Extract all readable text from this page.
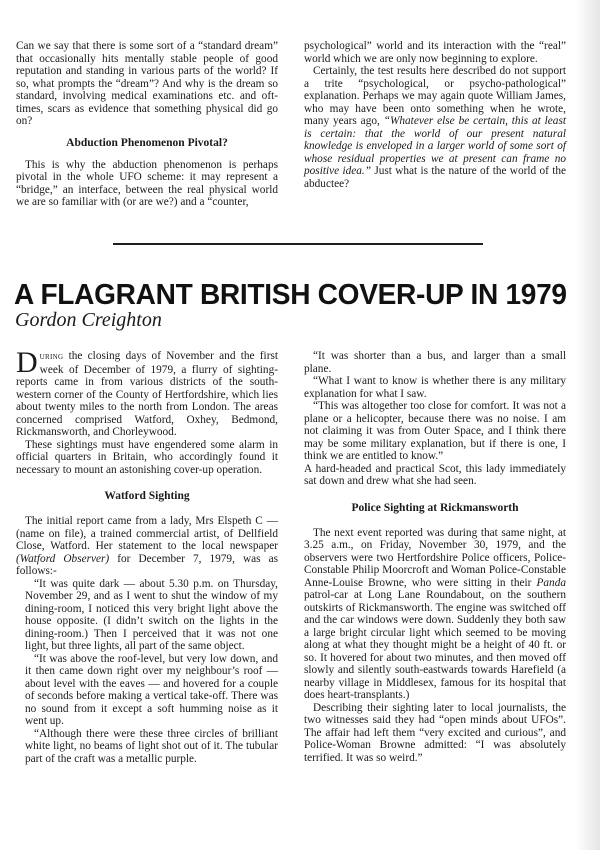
Can we say that there is some sort of a “standard dream” that occasionally hits mentally stable people of good reputation and standing in various parts of the world? If so, what prompts the “dream”? And why is the dream so standard, involving medical examinations etc. and oft-times, scars as evidence that something physical did go on?

Abduction Phenomenon Pivotal?

This is why the abduction phenomenon is perhaps pivotal in the whole UFO scheme: it may represent a “bridge,” an interface, between the real physical world we are so familiar with (or are we?) and a “counter,

psychological” world and its interaction with the “real” world which we are only now beginning to explore.

Certainly, the test results here described do not support a trite “psychological, or psycho-pathological” explanation. Perhaps we may again quote William James, who may have been onto something when he wrote, many years ago, “Whatever else be certain, this at least is certain: that the world of our present natural knowledge is enveloped in a larger world of some sort of whose residual properties we at present can frame no positive idea.” Just what is the nature of the world of the abductee?

A FLAGRANT BRITISH COVER-UP IN 1979
Gordon Creighton

During the closing days of November and the first week of December of 1979, a flurry of sighting-reports came in from various districts of the south-western corner of the County of Hertfordshire, which lies about twenty miles to the north from London. The areas concerned comprised Watford, Oxhey, Bedmond, Rickmansworth, and Chorleywood.

These sightings must have engendered some alarm in official quarters in Britain, who accordingly found it necessary to mount an astonishing cover-up operation.

Watford Sighting

The initial report came from a lady, Mrs Elspeth C — (name on file), a trained commercial artist, of Dellfield Close, Watford. Her statement to the local newspaper (Watford Observer) for December 7, 1979, was as follows:-

“It was quite dark — about 5.30 p.m. on Thursday, November 29, and as I went to shut the window of my dining-room, I noticed this very bright light above the house opposite. (I didn’t switch on the lights in the dining-room.) Then I perceived that it was not one light, but three lights, all part of the same object.

“It was above the roof-level, but very low down, and it then came down right over my neighbour’s roof — about level with the eaves — and hovered for a couple of seconds before making a vertical take-off. There was no sound from it except a soft humming noise as it went up.

“Although there were these three circles of brilliant white light, no beams of light shot out of it. The tubular part of the craft was a metallic purple.

“It was shorter than a bus, and larger than a small plane.

“What I want to know is whether there is any military explanation for what I saw.

“This was altogether too close for comfort. It was not a plane or a helicopter, because there was no noise. I am not claiming it was from Outer Space, and I think there may be some military explanation, but if there is one, I think we are entitled to know.”

A hard-headed and practical Scot, this lady immediately sat down and drew what she had seen.

Police Sighting at Rickmansworth

The next event reported was during that same night, at 3.25 a.m., on Friday, November 30, 1979, and the observers were two Hertfordshire Police officers, Police-Constable Philip Moorcroft and Woman Police-Constable Anne-Louise Browne, who were sitting in their Panda patrol-car at Long Lane Roundabout, on the southern outskirts of Rickmansworth. The engine was switched off and the car windows were down. Suddenly they both saw a large bright circular light which seemed to be moving along at what they thought might be a height of 40 ft. or so. It hovered for about two minutes, and then moved off slowly and silently south-eastwards towards Harefield (a nearby village in Middlesex, famous for its hospital that does heart-transplants.)

Describing their sighting later to local journalists, the two witnesses said they had “open minds about UFOs”. The affair had left them “very excited and curious”, and Police-Woman Browne admitted: “I was absolutely terrified. It was so weird.”
